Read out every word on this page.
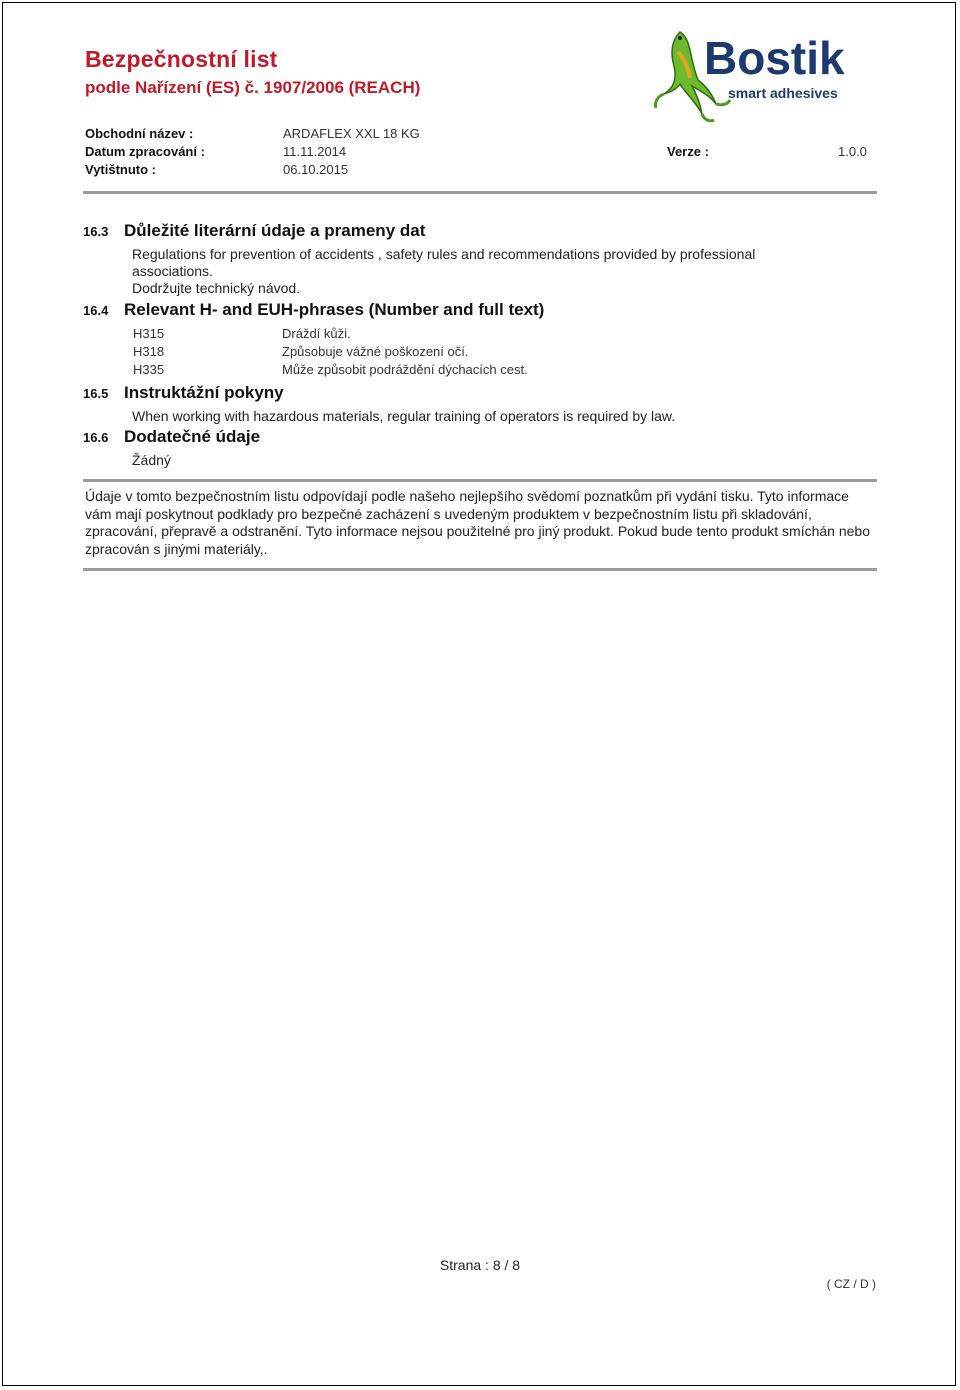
Bezpečnostní list
podle Nařízení (ES) č. 1907/2006 (REACH)
Bostik
smart adhesives
Obchodní název :	ARDAFLEX XXL 18 KG
Datum zpracování :	11.11.2014	Verze :	1.0.0
Vytištnuto :	06.10.2015
16.3 Důležité literární údaje a prameny dat
Regulations for prevention of accidents , safety rules and recommendations provided by professional
associations.
Dodržujte technický návod.
16.4 Relevant H- and EUH-phrases (Number and full text)
H315	Dráždí kůži.
H318	Způsobuje vážné poškození očí.
H335	Může způsobit podráždění dýchacích cest.
16.5 Instruktážní pokyny
When working with hazardous materials, regular training of operators is required by law.
16.6 Dodatečné údaje
Žádný
Údaje v tomto bezpečnostním listu odpovídají podle našeho nejlepšího svědomí poznatkům při vydání tisku. Tyto informace vám mají poskytnout podklady pro bezpečné zacházení s uvedeným produktem v bezpečnostním listu při skladování, zpracování, přepravě a odstranění. Tyto informace nejsou použitelné pro jiný produkt. Pokud bude tento produkt smíchán nebo zpracován s jinými materiály,.
Strana : 8 / 8
( CZ / D )
